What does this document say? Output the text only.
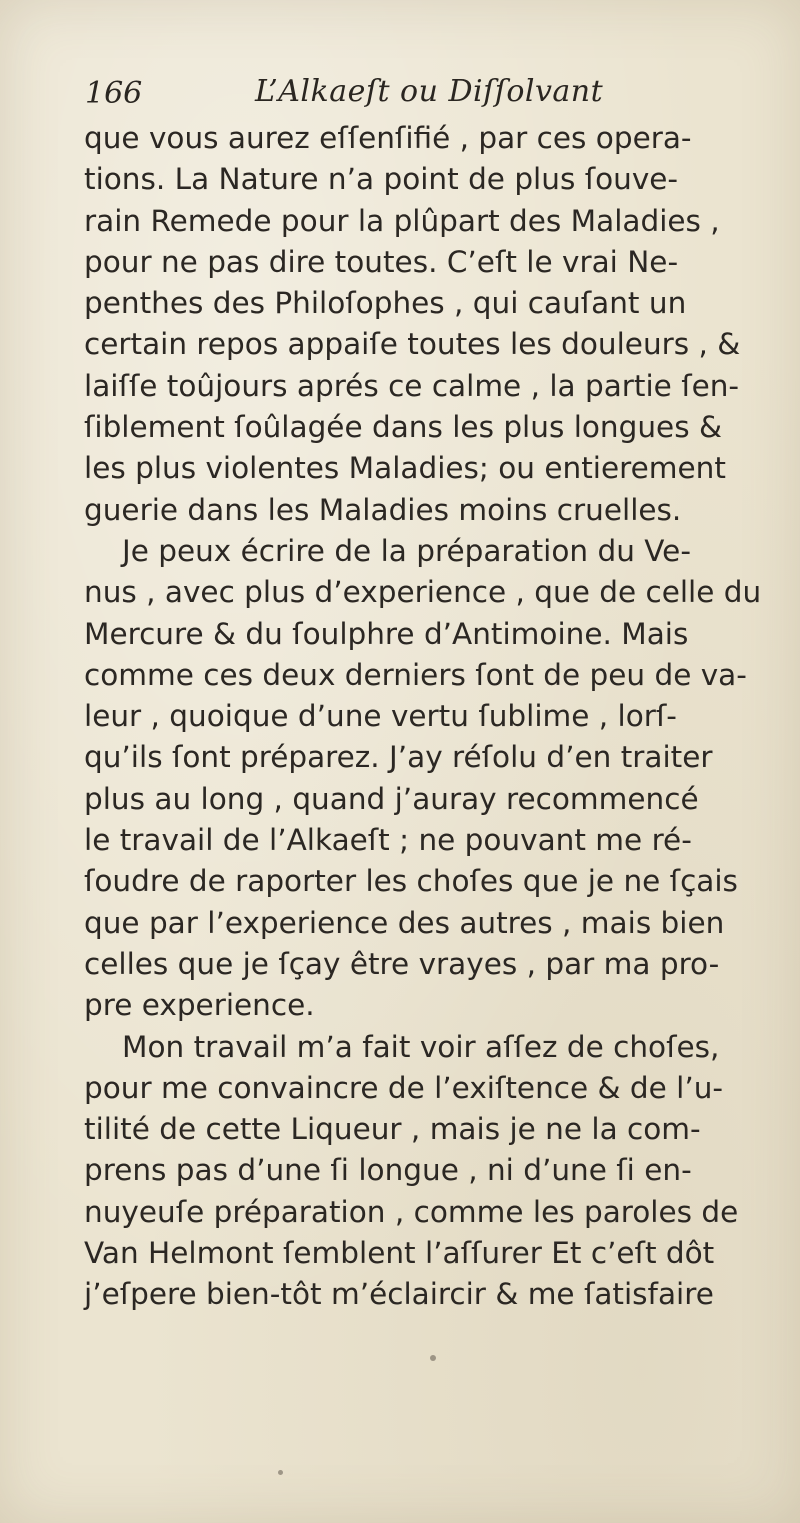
166	L’Alkaeſt ou Diſſolvant
que vous aurez eſſenſifié , par ces opera-
tions. La Nature n’a point de plus ſouve-
rain Remede pour la plûpart des Maladies ,
pour ne pas dire toutes. C’eſt le vrai Ne-
penthes des Philoſophes , qui cauſant un
certain repos appaiſe toutes les douleurs , &
laiſſe toûjours aprés ce calme , la partie ſen-
ſiblement ſoûlagée dans les plus longues &
les plus violentes Maladies; ou entierement
guerie dans les Maladies moins cruelles.
Je peux écrire de la préparation du Ve-
nus , avec plus d’experience , que de celle du
Mercure & du ſoulphre d’Antimoine. Mais
comme ces deux derniers ſont de peu de va-
leur , quoique d’une vertu ſublime , lorſ-
qu’ils ſont préparez. J’ay réſolu d’en traiter
plus au long , quand j’auray recommencé
le travail de l’Alkaeſt ; ne pouvant me ré-
ſoudre de raporter les choſes que je ne ſçais
que par l’experience des autres , mais bien
celles que je ſçay être vrayes , par ma pro-
pre experience.
Mon travail m’a fait voir aſſez de choſes,
pour me convaincre de l’exiſtence & de l’u-
tilité de cette Liqueur , mais je ne la com-
prens pas d’une ſi longue , ni d’une ſi en-
nuyeuſe préparation , comme les paroles de
Van Helmont ſemblent l’aſſurer Et c’eſt dôt
j’eſpere bien-tôt m’éclaircir & me ſatisfaire
